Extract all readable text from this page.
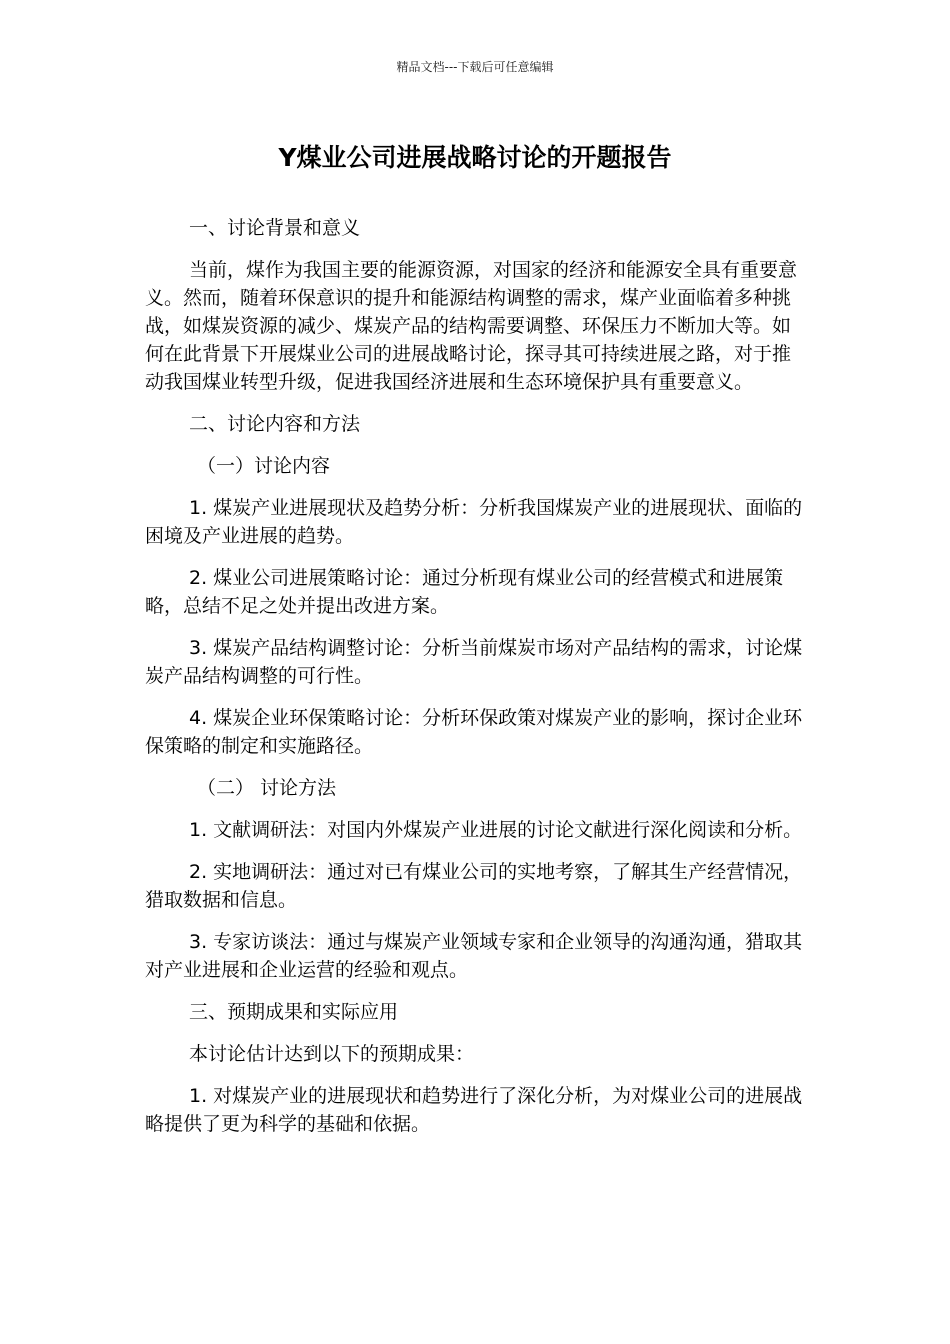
精品文档---下载后可任意编辑
Y煤业公司进展战略讨论的开题报告

一、讨论背景和意义

当前，煤作为我国主要的能源资源，对国家的经济和能源安全具有重要意义。然而，随着环保意识的提升和能源结构调整的需求，煤产业面临着多种挑战，如煤炭资源的减少、煤炭产品的结构需要调整、环保压力不断加大等。如何在此背景下开展煤业公司的进展战略讨论，探寻其可持续进展之路，对于推动我国煤业转型升级，促进我国经济进展和生态环境保护具有重要意义。

二、讨论内容和方法

（一）讨论内容

1. 煤炭产业进展现状及趋势分析：分析我国煤炭产业的进展现状、面临的困境及产业进展的趋势。

2. 煤业公司进展策略讨论：通过分析现有煤业公司的经营模式和进展策略，总结不足之处并提出改进方案。

3. 煤炭产品结构调整讨论：分析当前煤炭市场对产品结构的需求，讨论煤炭产品结构调整的可行性。

4. 煤炭企业环保策略讨论：分析环保政策对煤炭产业的影响，探讨企业环保策略的制定和实施路径。

（二） 讨论方法

1. 文献调研法：对国内外煤炭产业进展的讨论文献进行深化阅读和分析。

2. 实地调研法：通过对已有煤业公司的实地考察，了解其生产经营情况，猎取数据和信息。

3. 专家访谈法：通过与煤炭产业领域专家和企业领导的沟通沟通，猎取其对产业进展和企业运营的经验和观点。

三、预期成果和实际应用

本讨论估计达到以下的预期成果：

1. 对煤炭产业的进展现状和趋势进行了深化分析，为对煤业公司的进展战略提供了更为科学的基础和依据。
